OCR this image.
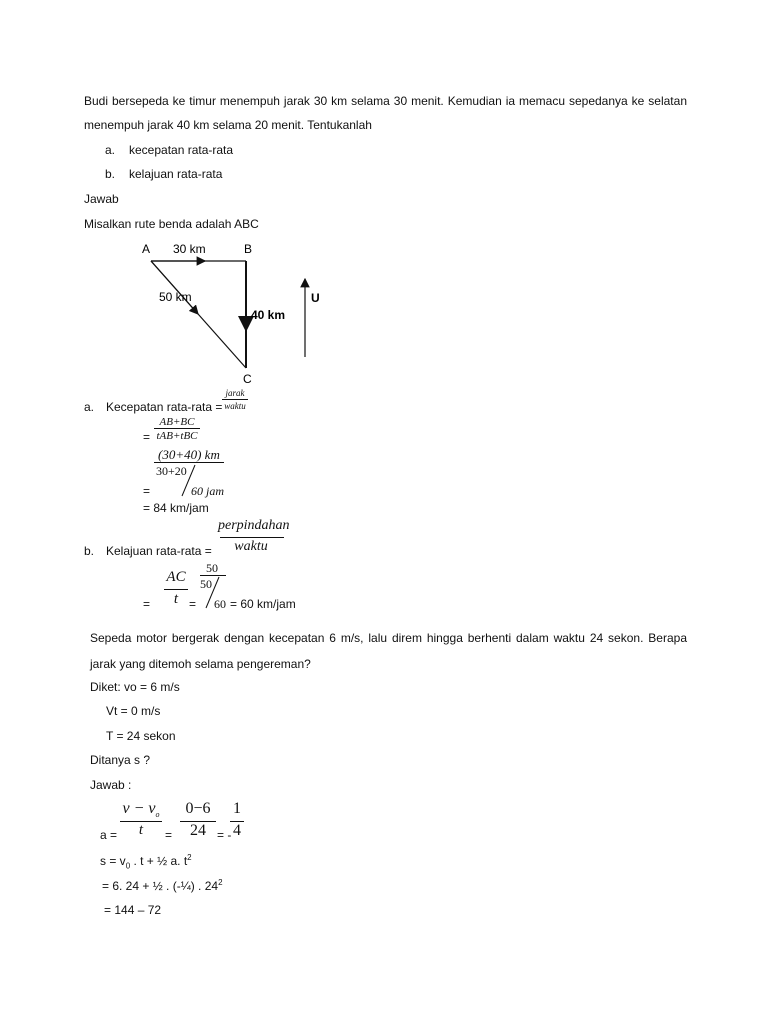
Budi bersepeda ke timur menempuh jarak 30 km selama 30 menit. Kemudian ia memacu sepedanya ke selatan menempuh jarak 40 km selama 20 menit. Tentukanlah
a. kecepatan rata-rata
b. kelajuan rata-rata
Jawab
Misalkan rute benda adalah ABC
A 30 km	B
50 km
40 km
C
U
a. Kecepatan rata-rata =
jarak
waktu
=
AB+BC
tAB+tBC
(30+40) km
30+20
=	60 jam
= 84 km/jam
b. Kelajuan rata-rata =
perpindahan
waktu
=
AC
t =
50
50
60 = 60 km/jam
Sepeda motor bergerak dengan kecepatan 6 m/s, lalu direm hingga berhenti dalam waktu 24 sekon. Berapa jarak yang ditemoh selama pengereman?
Diket: vo = 6 m/s
Vt = 0 m/s
T = 24 sekon
Ditanya s ?
Jawab :
a =
$v - v_o$
t	=
0−6
24 = -
1
4
$s = v_0$ . t + ½ a. $t^2$
= 6. 24 + ½ . (-¼) . $24^2$
= 144 – 72
